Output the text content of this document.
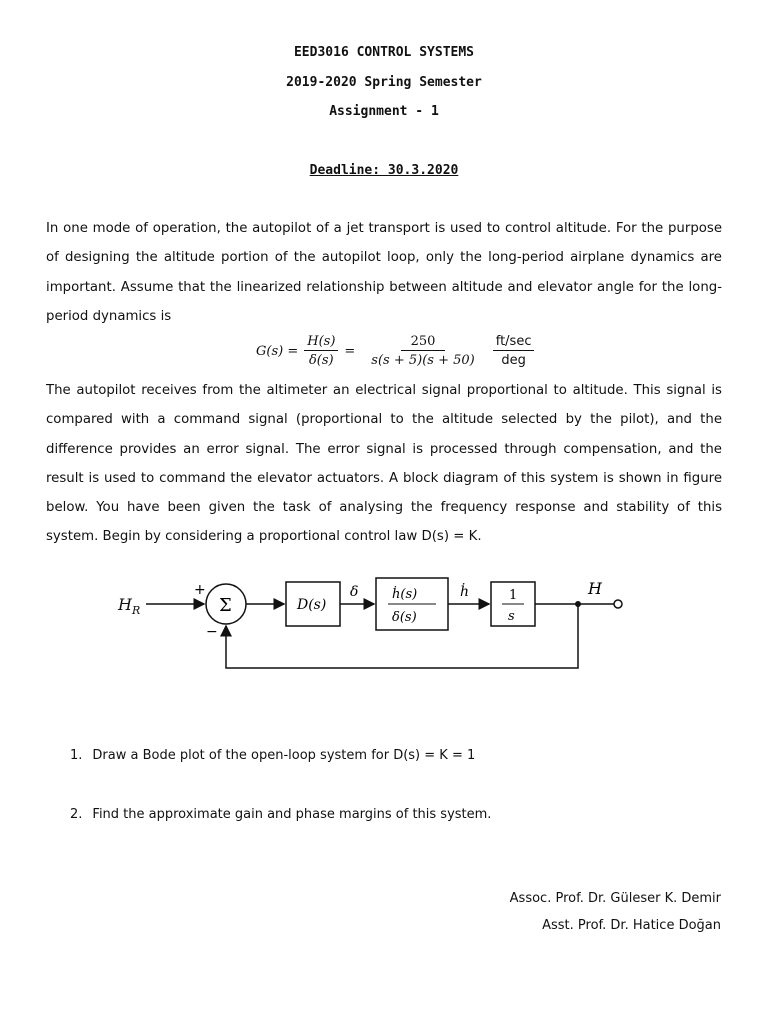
EED3016 CONTROL SYSTEMS
2019-2020 Spring Semester
Assignment - 1
Deadline: 30.3.2020

In one mode of operation, the autopilot of a jet transport is used to control altitude. For the purpose of designing the altitude portion of the autopilot loop, only the long-period airplane dynamics are important. Assume that the linearized relationship between altitude and elevator angle for the long-period dynamics is

$G(s) = \frac{H(s)}{\delta(s)} = \frac{250}{s(s + 5)(s + 50)} \frac{ft/\sec}{\text{deg}}$

The autopilot receives from the altimeter an electrical signal proportional to altitude. This signal is compared with a command signal (proportional to the altitude selected by the pilot), and the difference provides an error signal. The error signal is processed through compensation, and the result is used to command the elevator actuators. A block diagram of this system is shown in figure below. You have been given the task of analysing the frequency response and stability of this system. Begin by considering a proportional control law D(s) = K.

$H_R$
+
Σ
−
D(s)
δ	ḣ(s)
δ(s)
ḣ	1
s
H
1. Draw a Bode plot of the open-loop system for D(s) = K = 1
2. Find the approximate gain and phase margins of this system.
Assoc. Prof. Dr. Güleser K. Demir
Asst. Prof. Dr. Hatice Doğan
